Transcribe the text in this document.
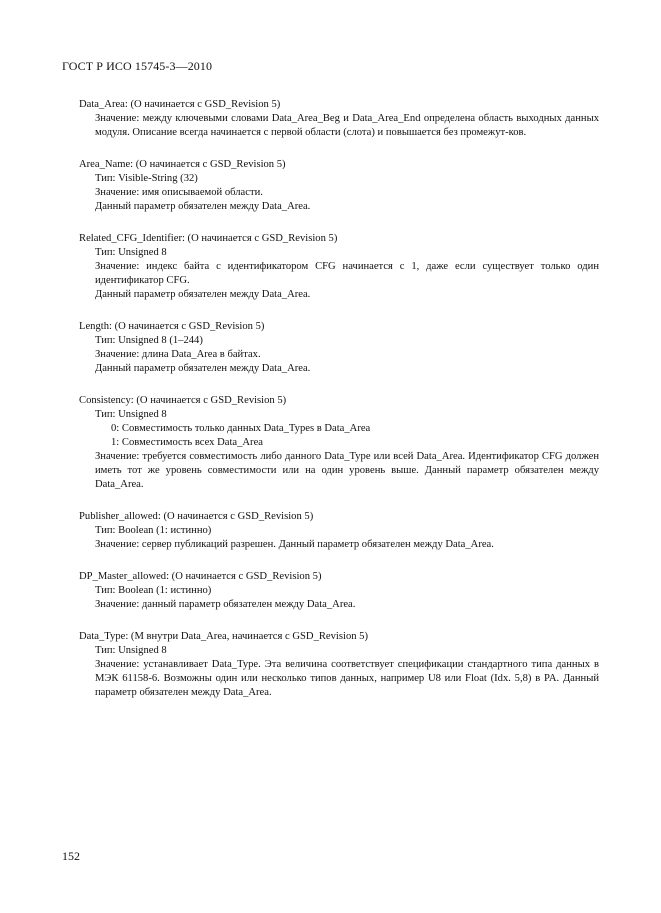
ГОСТ Р ИСО 15745-3—2010
Data_Area: (О начинается с GSD_Revision 5)
Значение: между ключевыми словами Data_Area_Beg и Data_Area_End определена область выходных данных модуля. Описание всегда начинается с первой области (слота) и повышается без промежут-ков.
Area_Name: (О начинается с GSD_Revision 5)
Тип: Visible-String (32)
Значение: имя описываемой области.
Данный параметр обязателен между Data_Area.
Related_CFG_Identifier: (О начинается с GSD_Revision 5)
Тип: Unsigned 8
Значение: индекс байта с идентификатором CFG начинается с 1, даже если существует только один идентификатор CFG.
Данный параметр обязателен между Data_Area.
Length: (О начинается с GSD_Revision 5)
Тип: Unsigned 8 (1–244)
Значение: длина Data_Area в байтах.
Данный параметр обязателен между Data_Area.
Consistency: (О начинается с GSD_Revision 5)
Тип: Unsigned 8
0: Совместимость только данных Data_Types в Data_Area
1: Совместимость всех Data_Area
Значение: требуется совместимость либо данного Data_Type или всей Data_Area. Идентификатор CFG должен иметь тот же уровень совместимости или на один уровень выше. Данный параметр обязателен между Data_Area.
Publisher_allowed: (О начинается с GSD_Revision 5)
Тип: Boolean (1: истинно)
Значение: сервер публикаций разрешен. Данный параметр обязателен между Data_Area.
DP_Master_allowed: (О начинается с GSD_Revision 5)
Тип: Boolean (1: истинно)
Значение: данный параметр обязателен между Data_Area.
Data_Type: (M внутри Data_Area, начинается с GSD_Revision 5)
Тип: Unsigned 8
Значение: устанавливает Data_Type. Эта величина соответствует спецификации стандартного типа данных в МЭК 61158-6. Возможны один или несколько типов данных, например U8 или Float (Idx. 5,8) в PA. Данный параметр обязателен между Data_Area.
152
